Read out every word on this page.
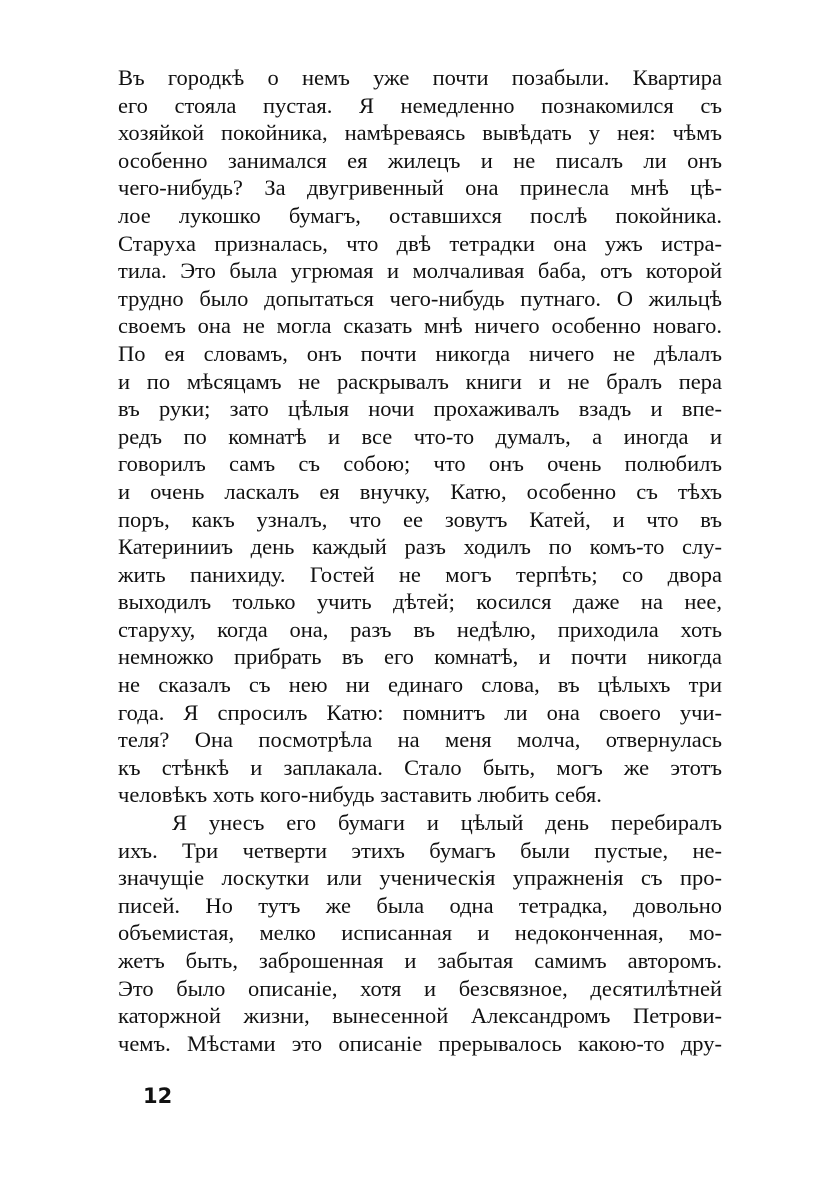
Въ городкѣ о немъ уже почти позабыли. Квартира
его стояла пустая. Я немедленно познакомился съ
хозяйкой покойника, намѣреваясь вывѣдать у нея: чѣмъ
особенно занимался ея жилецъ и не писалъ ли онъ
чего-нибудь? За двугривенный она принесла мнѣ цѣ-
лое лукошко бумагъ, оставшихся послѣ покойника.
Старуха призналась, что двѣ тетрадки она ужъ истра-
тила. Это была угрюмая и молчаливая баба, отъ которой
трудно было допытаться чего-нибудь путнаго. О жильцѣ
своемъ она не могла сказать мнѣ ничего особенно новаго.
По ея словамъ, онъ почти никогда ничего не дѣлалъ
и по мѣсяцамъ не раскрывалъ книги и не бралъ пера
въ руки; зато цѣлыя ночи прохаживалъ взадъ и впе-
редъ по комнатѣ и все что-то думалъ, а иногда и
говорилъ самъ съ собою; что онъ очень полюбилъ
и очень ласкалъ ея внучку, Катю, особенно съ тѣхъ
поръ, какъ узналъ, что ее зовутъ Катей, и что въ
Катеринииъ день каждый разъ ходилъ по комъ-то слу-
жить панихиду. Гостей не могъ терпѣть; со двора
выходилъ только учить дѣтей; косился даже на нее,
старуху, когда она, разъ въ недѣлю, приходила хоть
немножко прибрать въ его комнатѣ, и почти никогда
не сказалъ съ нею ни единаго слова, въ цѣлыхъ три
года. Я спросилъ Катю: помнитъ ли она своего учи-
теля? Она посмотрѣла на меня молча, отвернулась
къ стѣнкѣ и заплакала. Стало быть, могъ же этотъ
человѣкъ хоть кого-нибудь заставить любить себя.
Я унесъ его бумаги и цѣлый день перебиралъ
ихъ. Три четверти этихъ бумагъ были пустые, не-
значущіе лоскутки или ученическія упражненія съ про-
писей. Но тутъ же была одна тетрадка, довольно
объемистая, мелко исписанная и недоконченная, мо-
жетъ быть, заброшенная и забытая самимъ авторомъ.
Это было описаніе, хотя и безсвязное, десятилѣтней
каторжной жизни, вынесенной Александромъ Петрови-
чемъ. Мѣстами это описаніе прерывалось какою-то дру-
12
